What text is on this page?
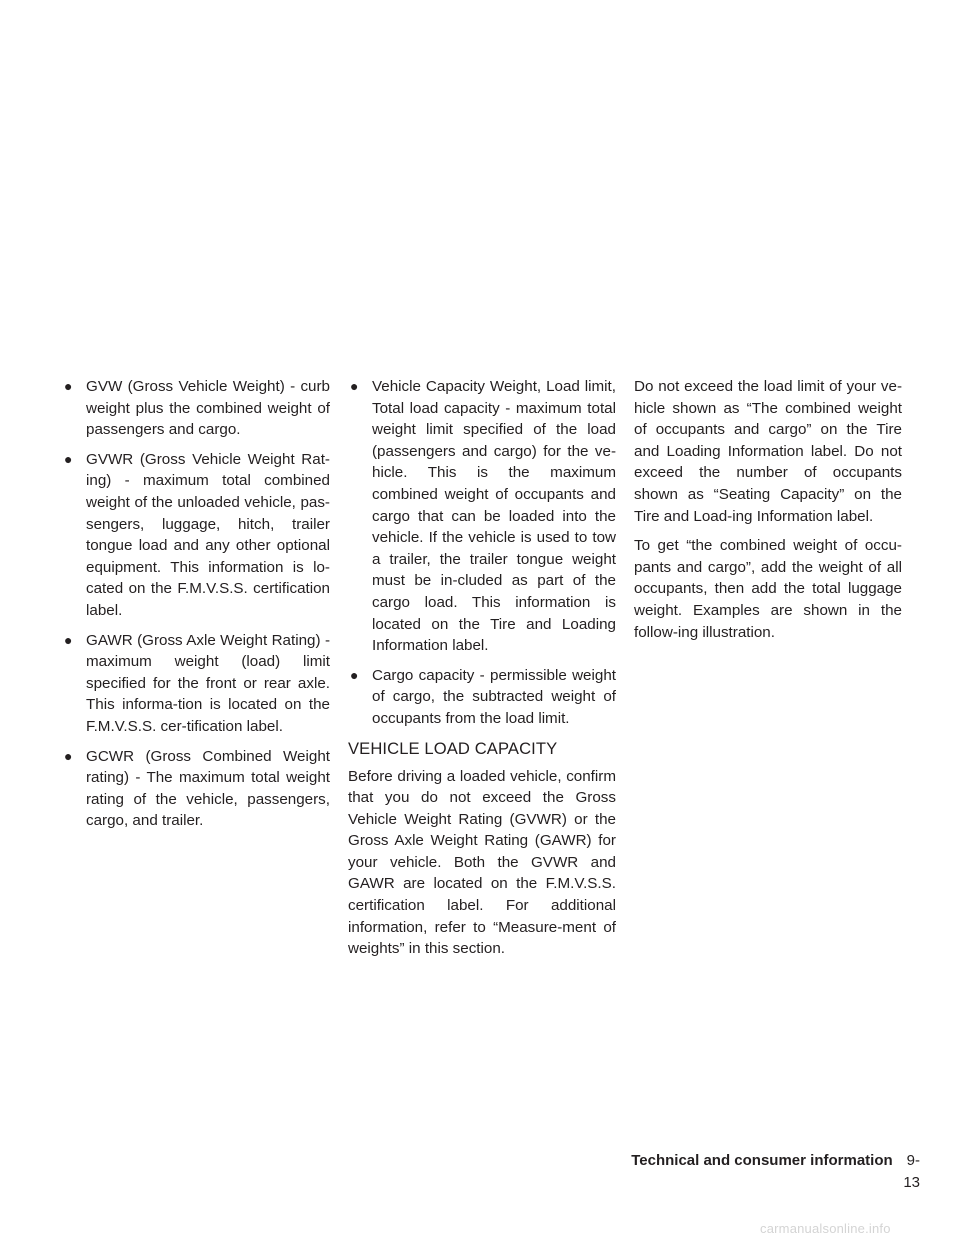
● GVW (Gross Vehicle Weight) - curb weight plus the combined weight of passengers and cargo.
● GVWR (Gross Vehicle Weight Rat-ing) - maximum total combined weight of the unloaded vehicle, pas-sengers, luggage, hitch, trailer tongue load and any other optional equipment. This information is lo-cated on the F.M.V.S.S. certification label.
● GAWR (Gross Axle Weight Rating) - maximum weight (load) limit specified for the front or rear axle. This informa-tion is located on the F.M.V.S.S. cer-tification label.
● GCWR (Gross Combined Weight rating) - The maximum total weight rating of the vehicle, passengers, cargo, and trailer.
● Vehicle Capacity Weight, Load limit, Total load capacity - maximum total weight limit specified of the load (passengers and cargo) for the ve-hicle. This is the maximum combined weight of occupants and cargo that can be loaded into the vehicle. If the vehicle is used to tow a trailer, the trailer tongue weight must be in-cluded as part of the cargo load. This information is located on the Tire and Loading Information label.
● Cargo capacity - permissible weight of cargo, the subtracted weight of occupants from the load limit.
VEHICLE LOAD CAPACITY

Before driving a loaded vehicle, confirm that you do not exceed the Gross Vehicle Weight Rating (GVWR) or the Gross Axle Weight Rating (GAWR) for your vehicle. Both the GVWR and GAWR are located on the F.M.V.S.S. certification label. For additional information, refer to “Measure-ment of weights” in this section.

Do not exceed the load limit of your ve-hicle shown as “The combined weight of occupants and cargo” on the Tire and Loading Information label. Do not exceed the number of occupants shown as “Seating Capacity” on the Tire and Load-ing Information label.

To get “the combined weight of occu-pants and cargo”, add the weight of all occupants, then add the total luggage weight. Examples are shown in the follow-ing illustration.

Technical and consumer information 9-13
carmanualsonline.info
